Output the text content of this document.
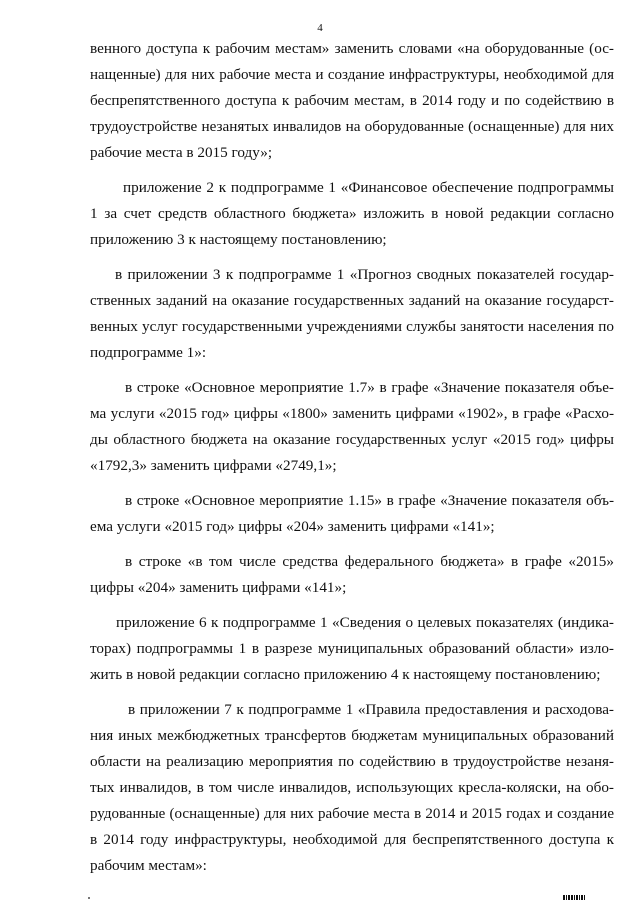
4
венного доступа к рабочим местам» заменить словами «на оборудованные (ос-
нащенные) для них рабочие места и создание инфраструктуры, необходимой для
беспрепятственного доступа к рабочим местам, в 2014 году и по содействию в
трудоустройстве незанятых инвалидов на оборудованные (оснащенные) для них
рабочие места в 2015 году»;
приложение 2 к подпрограмме 1 «Финансовое обеспечение подпрограммы
1 за счет средств областного бюджета» изложить в новой редакции согласно
приложению 3 к настоящему постановлению;
в приложении 3 к подпрограмме 1 «Прогноз сводных показателей государ-
ственных заданий на оказание государственных заданий на оказание государст-
венных услуг государственными учреждениями службы занятости населения по
подпрограмме 1»:
в строке «Основное мероприятие 1.7» в графе «Значение показателя объе-
ма услуги «2015 год» цифры «1800» заменить цифрами «1902», в графе «Расхо-
ды областного бюджета на оказание государственных услуг «2015 год» цифры
«1792,3» заменить цифрами «2749,1»;
в строке «Основное мероприятие 1.15» в графе «Значение показателя объ-
ема услуги «2015 год» цифры «204» заменить цифрами «141»;
в строке «в том числе средства федерального бюджета» в графе «2015»
цифры «204» заменить цифрами «141»;
приложение 6 к подпрограмме 1 «Сведения о целевых показателях (индика-
торах) подпрограммы 1 в разрезе муниципальных образований области» изло-
жить в новой редакции согласно приложению 4 к настоящему постановлению;
в приложении 7 к подпрограмме 1 «Правила предоставления и расходова-
ния иных межбюджетных трансфертов бюджетам муниципальных образований
области на реализацию мероприятия по содействию в трудоустройстве незаня-
тых инвалидов, в том числе инвалидов, использующих кресла-коляски, на обо-
рудованные (оснащенные) для них рабочие места в 2014 и 2015 годах и создание
в 2014 году инфраструктуры, необходимой для беспрепятственного доступа к
рабочим местам»:
